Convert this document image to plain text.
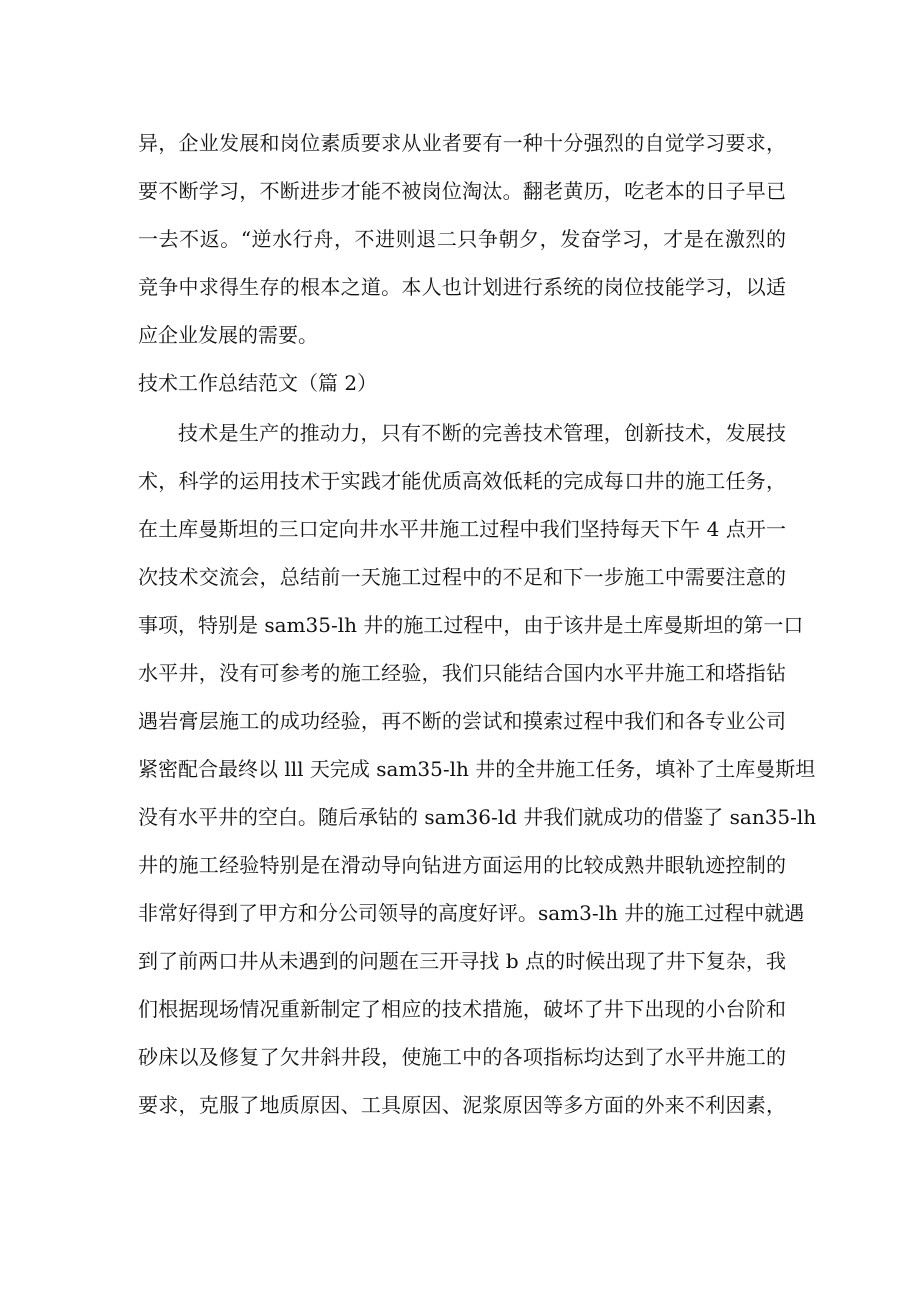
异，企业发展和岗位素质要求从业者要有一种十分强烈的自觉学习要求，
要不断学习，不断进步才能不被岗位淘汰。翻老黄历，吃老本的日子早已
一去不返。“逆水行舟，不进则退二只争朝夕，发奋学习，才是在激烈的
竞争中求得生存的根本之道。本人也计划进行系统的岗位技能学习，以适
应企业发展的需要。
技术工作总结范文（篇 2）
技术是生产的推动力，只有不断的完善技术管理，创新技术，发展技
术，科学的运用技术于实践才能优质高效低耗的完成每口井的施工任务，
在土库曼斯坦的三口定向井水平井施工过程中我们坚持每天下午 4 点开一
次技术交流会，总结前一天施工过程中的不足和下一步施工中需要注意的
事项，特别是 sam35-lh 井的施工过程中，由于该井是土库曼斯坦的第一口
水平井，没有可参考的施工经验，我们只能结合国内水平井施工和塔指钻
遇岩膏层施工的成功经验，再不断的尝试和摸索过程中我们和各专业公司
紧密配合最终以 lll 天完成 sam35-lh 井的全井施工任务，填补了土库曼斯坦
没有水平井的空白。随后承钻的 sam36-ld 井我们就成功的借鉴了 san35-lh
井的施工经验特别是在滑动导向钻进方面运用的比较成熟井眼轨迹控制的
非常好得到了甲方和分公司领导的高度好评。sam3-lh 井的施工过程中就遇
到了前两口井从未遇到的问题在三开寻找 b 点的时候出现了井下复杂，我
们根据现场情况重新制定了相应的技术措施，破坏了井下出现的小台阶和
砂床以及修复了欠井斜井段，使施工中的各项指标均达到了水平井施工的
要求，克服了地质原因、工具原因、泥浆原因等多方面的外来不利因素，
